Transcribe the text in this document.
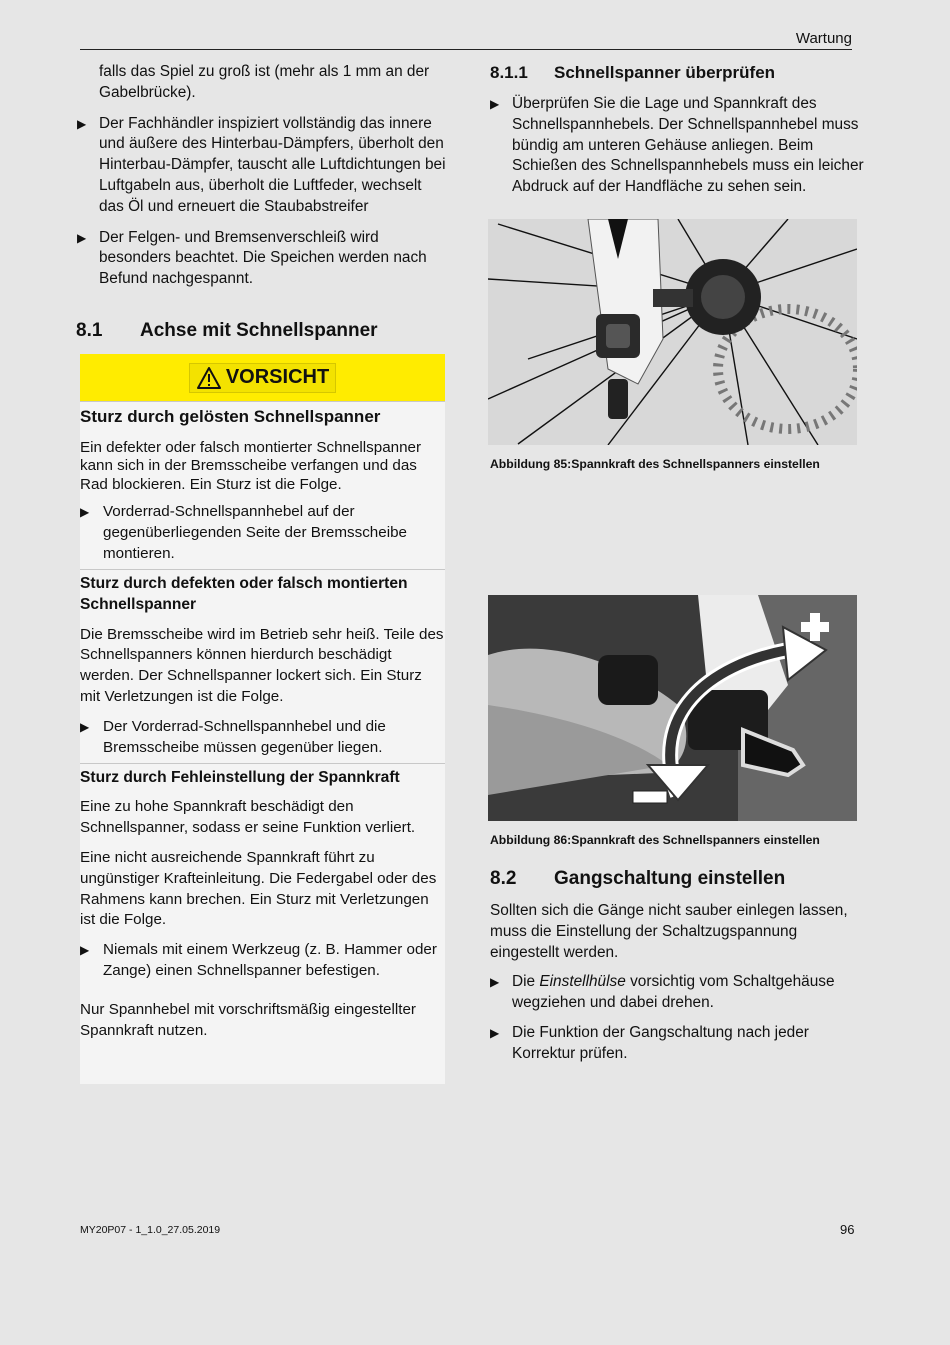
Wartung

falls das Spiel zu groß ist (mehr als 1 mm an der Gabelbrücke).

▶ Der Fachhändler inspiziert vollständig das innere und äußere des Hinterbau-Dämpfers, überholt den Hinterbau-Dämpfer, tauscht alle Luftdichtungen bei Luftgabeln aus, überholt die Luftfeder, wechselt das Öl und erneuert die Staubabstreifer

▶ Der Felgen- und Bremsenverschleiß wird besonders beachtet. Die Speichen werden nach Befund nachgespannt.

8.1	Achse mit Schnellspanner
VORSICHT
Sturz durch gelösten Schnellspanner
Ein defekter oder falsch montierter Schnellspanner kann sich in der Bremsscheibe verfangen und das Rad blockieren. Ein Sturz ist die Folge.
▶ Vorderrad-Schnellspannhebel auf der gegenüberliegenden Seite der Bremsscheibe montieren.
Sturz durch defekten oder falsch montierten Schnellspanner
Die Bremsscheibe wird im Betrieb sehr heiß. Teile des Schnellspanners können hierdurch beschädigt werden. Der Schnellspanner lockert sich. Ein Sturz mit Verletzungen ist die Folge.
▶ Der Vorderrad-Schnellspannhebel und die Bremsscheibe müssen gegenüber liegen.
Sturz durch Fehleinstellung der Spannkraft
Eine zu hohe Spannkraft beschädigt den Schnellspanner, sodass er seine Funktion verliert.
Eine nicht ausreichende Spannkraft führt zu ungünstiger Krafteinleitung. Die Federgabel oder des Rahmens kann brechen. Ein Sturz mit Verletzungen ist die Folge.
▶ Niemals mit einem Werkzeug (z. B. Hammer oder Zange) einen Schnellspanner befestigen.
Nur Spannhebel mit vorschriftsmäßig eingestellter Spannkraft nutzen.
8.1.1	Schnellspanner überprüfen

▶ Überprüfen Sie die Lage und Spannkraft des Schnellspannhebels. Der Schnellspannhebel muss bündig am unteren Gehäuse anliegen. Beim Schießen des Schnellspannhebels muss ein leicher Abdruck auf der Handfläche zu sehen sein.

Abbildung 85:Spannkraft des Schnellspanners einstellen

▶

Abbildung 86:Spannkraft des Schnellspanners einstellen
8.2	Gangschaltung einstellen

Sollten sich die Gänge nicht sauber einlegen lassen, muss die Einstellung der Schaltzugspannung eingestellt werden.

▶ Die Einstellhülse vorsichtig vom Schaltgehäuse wegziehen und dabei drehen.

▶ Die Funktion der Gangschaltung nach jeder Korrektur prüfen.

MY20P07 - 1_1.0_27.05.2019	96
